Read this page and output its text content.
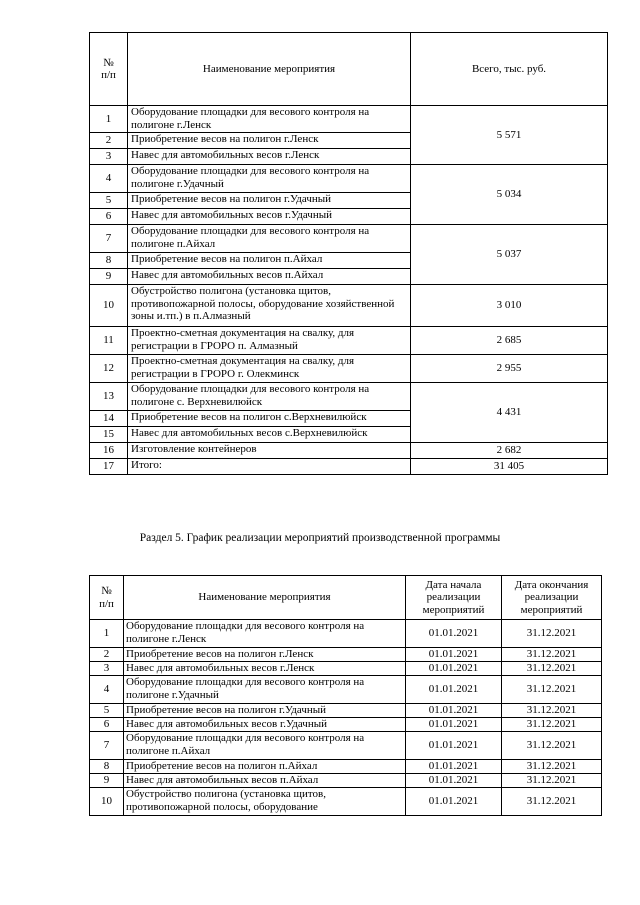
№
п/п	Наименование мероприятия	Всего, тыс. руб.
1	Оборудование площадки для весового контроля на полигоне г.Ленск	5 571
2	Приобретение весов на полигон г.Ленск	
3	Навес для автомобильных весов г.Ленск	
4	Оборудование площадки для весового контроля на полигоне г.Удачный	5 034
5	Приобретение весов на полигон г.Удачный	
6	Навес для автомобильных весов г.Удачный	
7	Оборудование площадки для весового контроля на полигоне п.Айхал	5 037
8	Приобретение весов на полигон п.Айхал	
9	Навес для автомобильных весов п.Айхал	
10	Обустройство полигона (установка щитов, противопожарной полосы, оборудование хозяйственной зоны и.тп.) в п.Алмазный	3 010
11	Проектно-сметная документация на свалку, для регистрации в ГРОРО п. Алмазный	2 685
12	Проектно-сметная документация на свалку, для регистрации в ГРОРО г. Олекминск	2 955
13	Оборудование площадки для весового контроля на полигоне с. Верхневилюйск	4 431
14	Приобретение весов на полигон с.Верхневилюйск	
15	Навес для автомобильных весов с.Верхневилюйск	
16	Изготовление контейнеров	2 682
17	Итого:	31 405
Раздел 5. График реализации мероприятий производственной программы
№
п/п	Наименование мероприятия	Дата начала реализации мероприятий	Дата окончания реализации мероприятий
1	Оборудование площадки для весового контроля на полигоне г.Ленск	01.01.2021	31.12.2021
2	Приобретение весов на полигон г.Ленск	01.01.2021	31.12.2021
3	Навес для автомобильных весов г.Ленск	01.01.2021	31.12.2021
4	Оборудование площадки для весового контроля на полигоне г.Удачный	01.01.2021	31.12.2021
5	Приобретение весов на полигон г.Удачный	01.01.2021	31.12.2021
6	Навес для автомобильных весов г.Удачный	01.01.2021	31.12.2021
7	Оборудование площадки для весового контроля на полигоне п.Айхал	01.01.2021	31.12.2021
8	Приобретение весов на полигон п.Айхал	01.01.2021	31.12.2021
9	Навес для автомобильных весов п.Айхал	01.01.2021	31.12.2021
10	Обустройство полигона (установка щитов, противопожарной полосы, оборудование	01.01.2021	31.12.2021
